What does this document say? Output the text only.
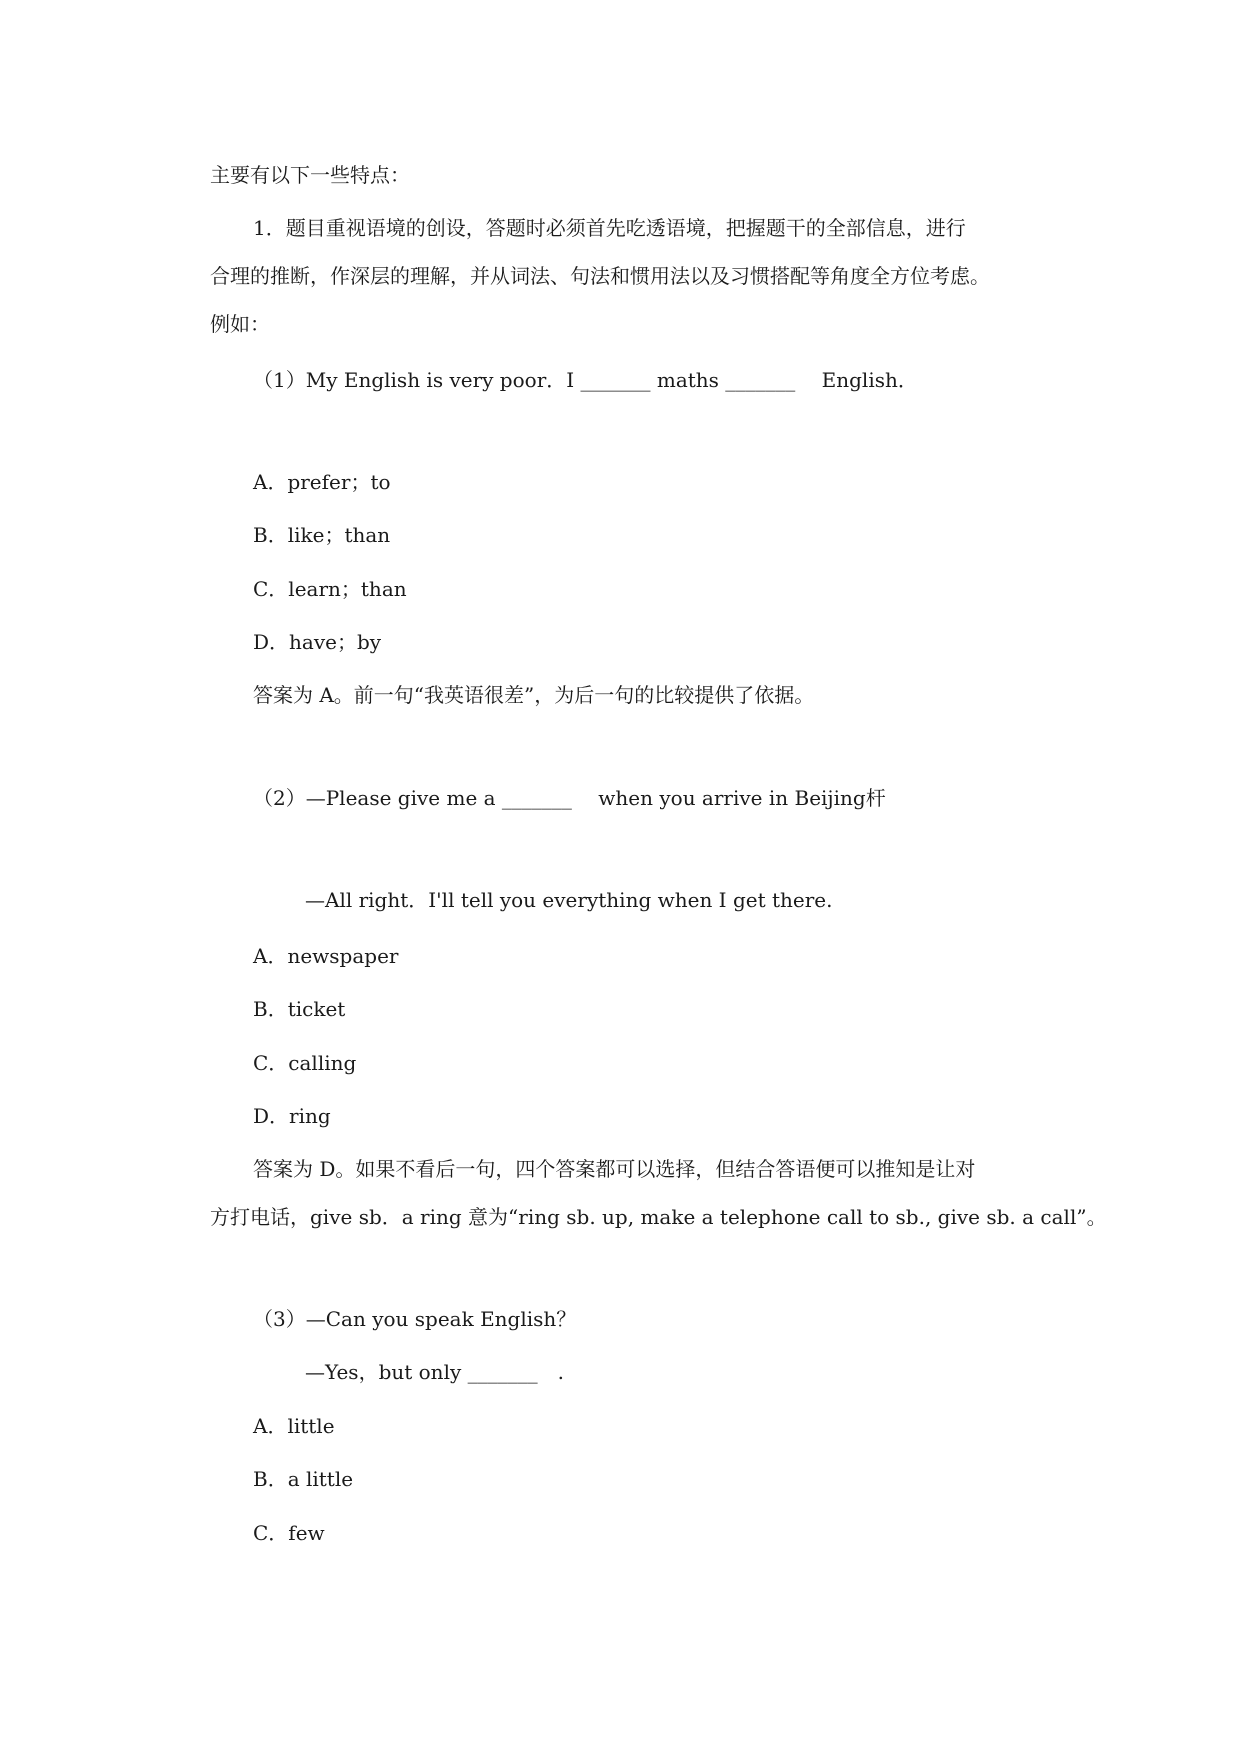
主要有以下一些特点：
1．题目重视语境的创设，答题时必须首先吃透语境，把握题干的全部信息，进行
合理的推断，作深层的理解，并从词法、句法和惯用法以及习惯搭配等角度全方位考虑。
例如：
（1）My English is very poor．I _______ maths _______　 English．
A．prefer；to
B．like；than
C．learn；than
D．have；by
答案为 A。前一句“我英语很差”，为后一句的比较提供了依据。
（2）—Please give me a _______　 when you arrive in Beijing杆
—All right．I'll tell you everything when I get there.
A．newspaper
B．ticket
C．calling
D．ring
答案为 D。如果不看后一句，四个答案都可以选择，但结合答语便可以推知是让对
方打电话，give sb．a ring 意为“ring sb. up, make a telephone call to sb., give sb. a call”。
（3）—Can you speak English？
—Yes，but only _______　.
A．little
B．a little
C．few
